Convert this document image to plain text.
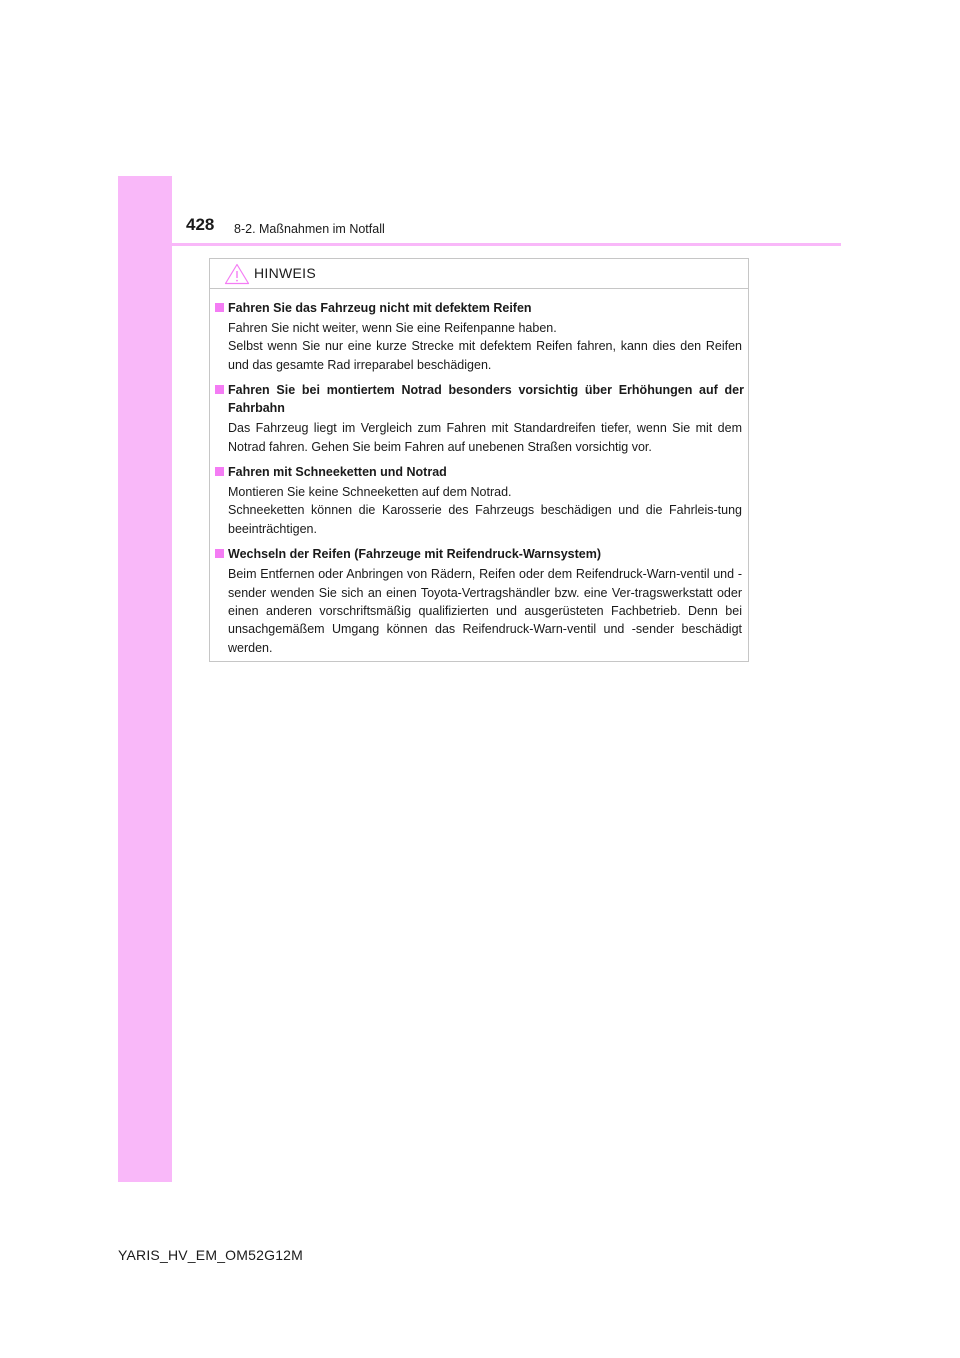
428 8-2. Maßnahmen im Notfall
HINWEIS
Fahren Sie das Fahrzeug nicht mit defektem Reifen

Fahren Sie nicht weiter, wenn Sie eine Reifenpanne haben.

Selbst wenn Sie nur eine kurze Strecke mit defektem Reifen fahren, kann dies den Reifen und das gesamte Rad irreparabel beschädigen.

Fahren Sie bei montiertem Notrad besonders vorsichtig über Erhöhungen auf der Fahrbahn

Das Fahrzeug liegt im Vergleich zum Fahren mit Standardreifen tiefer, wenn Sie mit dem Notrad fahren. Gehen Sie beim Fahren auf unebenen Straßen vorsichtig vor.

Fahren mit Schneeketten und Notrad

Montieren Sie keine Schneeketten auf dem Notrad.

Schneeketten können die Karosserie des Fahrzeugs beschädigen und die Fahrleis-tung beeinträchtigen.

Wechseln der Reifen (Fahrzeuge mit Reifendruck-Warnsystem)

Beim Entfernen oder Anbringen von Rädern, Reifen oder dem Reifendruck-Warn-ventil und -sender wenden Sie sich an einen Toyota-Vertragshändler bzw. eine Ver-tragswerkstatt oder einen anderen vorschriftsmäßig qualifizierten und ausgerüsteten Fachbetrieb. Denn bei unsachgemäßem Umgang können das Reifendruck-Warn-ventil und -sender beschädigt werden.

YARIS_HV_EM_OM52G12M
